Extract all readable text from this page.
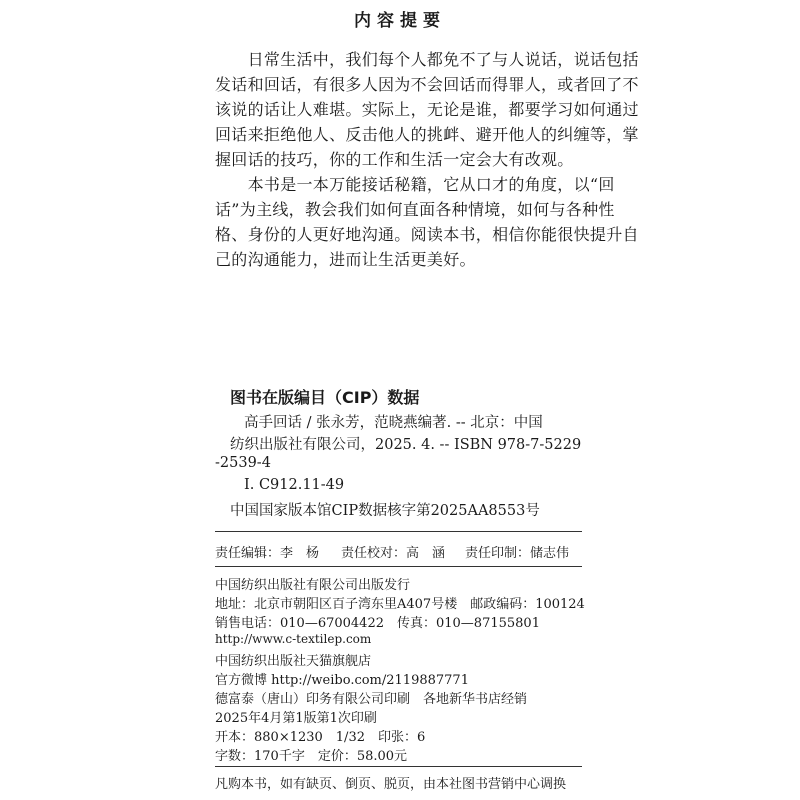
内容提要
　　日常生活中，我们每个人都免不了与人说话，说话包括
发话和回话，有很多人因为不会回话而得罪人，或者回了不
该说的话让人难堪。实际上，无论是谁，都要学习如何通过
回话来拒绝他人、反击他人的挑衅、避开他人的纠缠等，掌
握回话的技巧，你的工作和生活一定会大有改观。
　　本书是一本万能接话秘籍，它从口才的角度，以“回
话”为主线，教会我们如何直面各种情境，如何与各种性
格、身份的人更好地沟通。阅读本书，相信你能很快提升自
己的沟通能力，进而让生活更美好。
图书在版编目（CIP）数据
高手回话 / 张永芳，范晓燕编著. -- 北京：中国
纺织出版社有限公司，2025. 4. -- ISBN 978-7-5229
-2539-4
Ⅰ. C912.11-49
中国国家版本馆CIP数据核字第2025AA8553号
责任编辑：李　杨 责任校对：高　涵 责任印制：储志伟
中国纺织出版社有限公司出版发行
地址：北京市朝阳区百子湾东里A407号楼　邮政编码：100124
销售电话：010—67004422　传真：010—87155801
http://www.c-textilep.com
中国纺织出版社天猫旗舰店
官方微博 http://weibo.com/2119887771
德富泰（唐山）印务有限公司印刷　各地新华书店经销
2025年4月第1版第1次印刷
开本：880×1230　1/32　印张：6
字数：170千字　定价：58.00元
凡购本书，如有缺页、倒页、脱页，由本社图书营销中心调换
